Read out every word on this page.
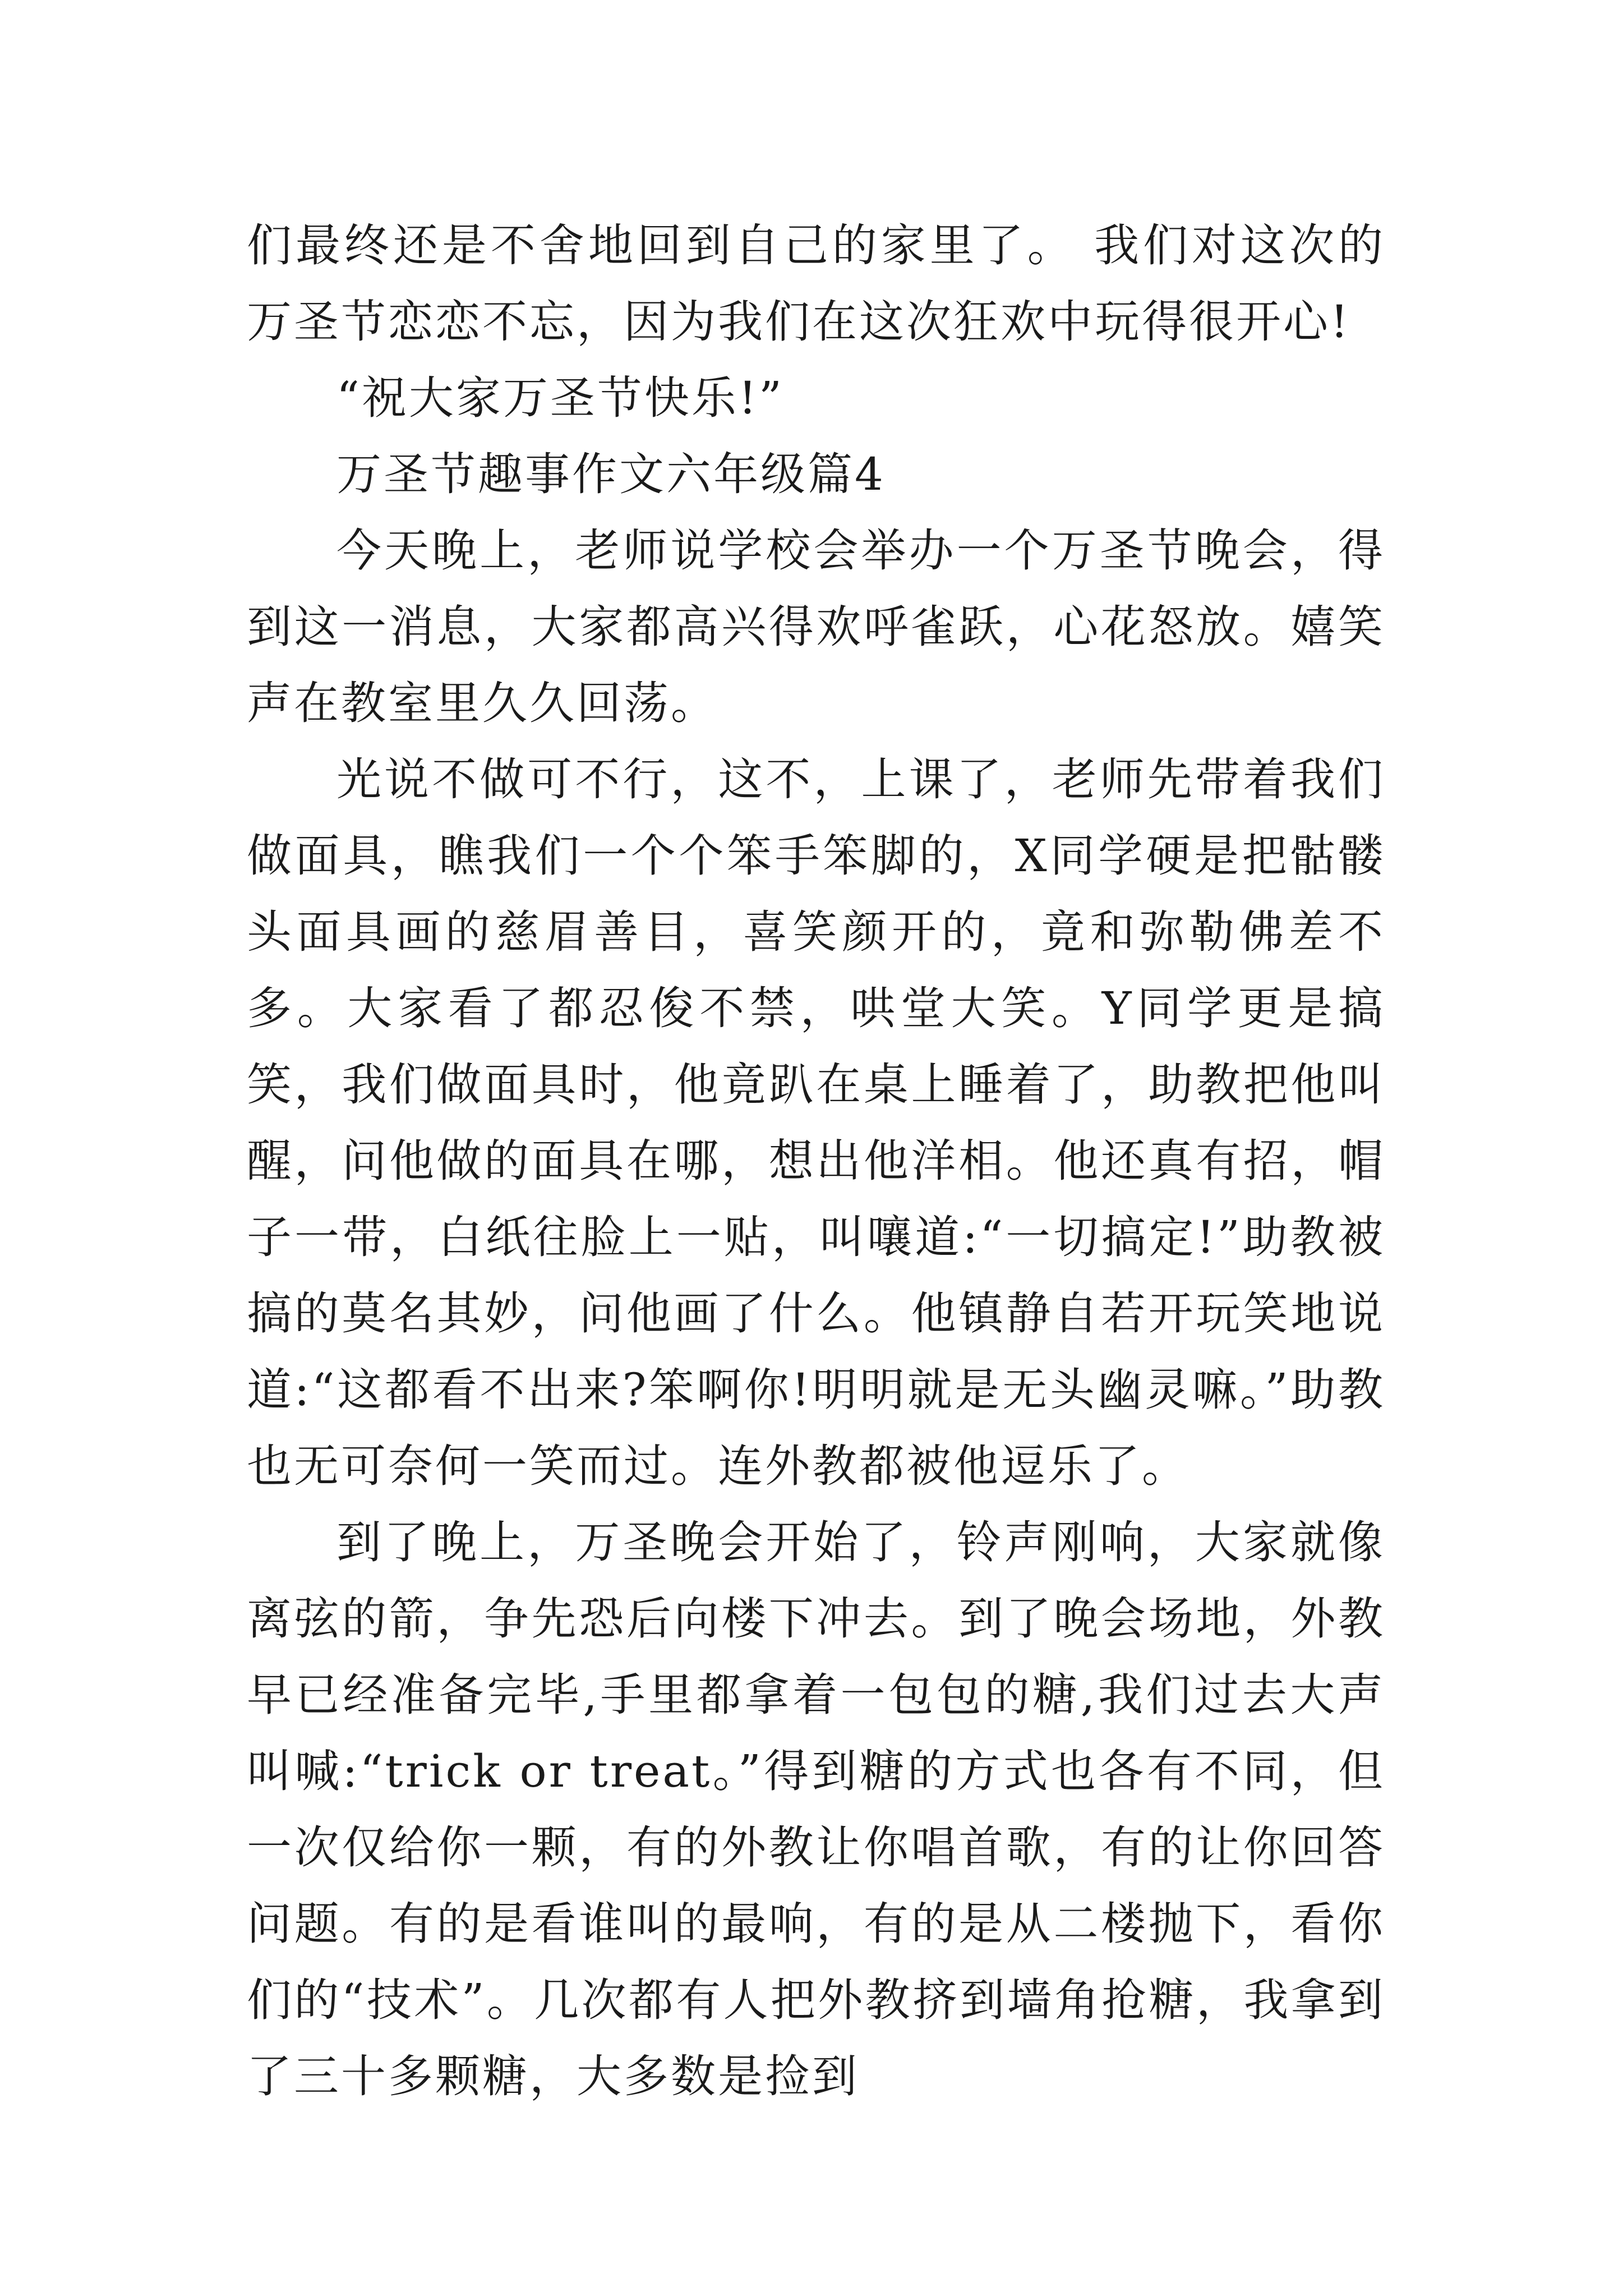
们最终还是不舍地回到自己的家里了。 我们对这次的万圣节恋恋不忘，因为我们在这次狂欢中玩得很开心!

“祝大家万圣节快乐!”

万圣节趣事作文六年级篇4

今天晚上，老师说学校会举办一个万圣节晚会，得到这一消息，大家都高兴得欢呼雀跃，心花怒放。嬉笑声在教室里久久回荡。

光说不做可不行，这不，上课了，老师先带着我们做面具，瞧我们一个个笨手笨脚的，X同学硬是把骷髅头面具画的慈眉善目，喜笑颜开的，竟和弥勒佛差不多。大家看了都忍俊不禁，哄堂大笑。Y同学更是搞笑，我们做面具时，他竟趴在桌上睡着了，助教把他叫醒，问他做的面具在哪，想出他洋相。他还真有招，帽子一带，白纸往脸上一贴，叫嚷道:“一切搞定!”助教被搞的莫名其妙，问他画了什么。他镇静自若开玩笑地说道:“这都看不出来?笨啊你!明明就是无头幽灵嘛。”助教也无可奈何一笑而过。连外教都被他逗乐了。

到了晚上，万圣晚会开始了，铃声刚响，大家就像离弦的箭，争先恐后向楼下冲去。到了晚会场地，外教早已经准备完毕,手里都拿着一包包的糖,我们过去大声叫喊:“trick or treat。”得到糖的方式也各有不同，但一次仅给你一颗，有的外教让你唱首歌，有的让你回答问题。有的是看谁叫的最响，有的是从二楼抛下，看你们的“技术”。几次都有人把外教挤到墙角抢糖，我拿到了三十多颗糖，大多数是捡到
